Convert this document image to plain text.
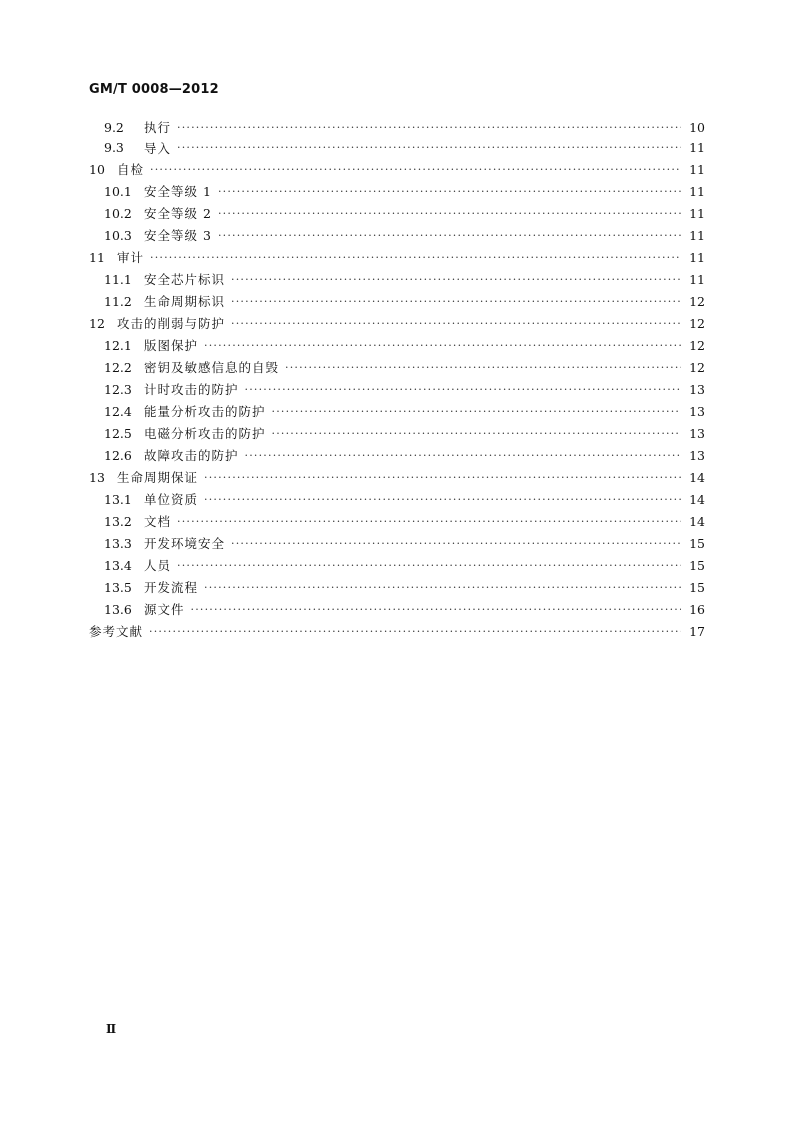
GM/T 0008—2012
9.2	执行 ·····	10
9.3	导入 ·····	11
10 自检 ·····	11
10.1 安全等级 1 ·····	11
10.2 安全等级 2 ·····	11
10.3 安全等级 3 ·····	11
11 审计 ·····	11
11.1 安全芯片标识 ·····	11
11.2 生命周期标识 ·····	12
12 攻击的削弱与防护 ·····	12
12.1 版图保护 ·····	12
12.2 密钥及敏感信息的自毁 ·····	12
12.3 计时攻击的防护 ·····	13
12.4 能量分析攻击的防护 ·····	13
12.5 电磁分析攻击的防护 ·····	13
12.6 故障攻击的防护 ·····	13
13 生命周期保证 ·····	14
13.1 单位资质 ·····	14
13.2 文档 ·····	14
13.3 开发环境安全 ·····	15
13.4 人员 ·····	15
13.5 开发流程 ·····	15
13.6 源文件 ·····	16
参考文献 ·····	17
Ⅱ
